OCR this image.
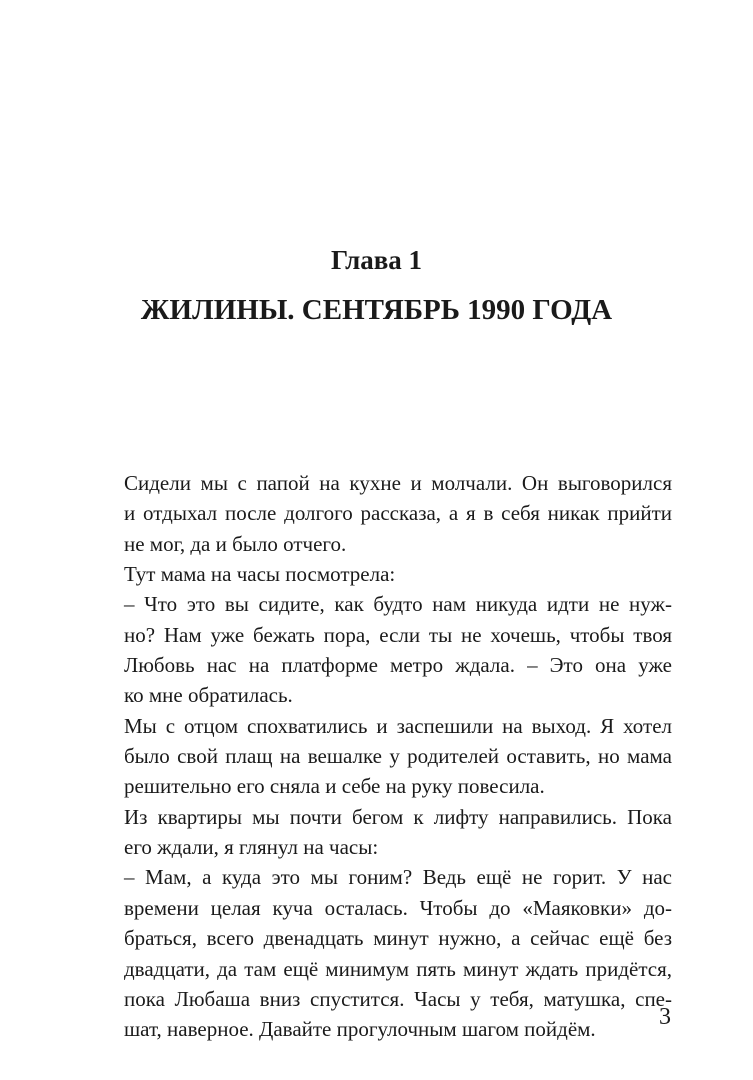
Глава 1
ЖИЛИНЫ. СЕНТЯБРЬ 1990 ГОДА
Сидели мы с папой на кухне и молчали. Он выговорился
и отдыхал после долгого рассказа, а я в себя никак прийти
не мог, да и было отчего.
Тут мама на часы посмотрела:
– Что это вы сидите, как будто нам никуда идти не нуж-
но? Нам уже бежать пора, если ты не хочешь, чтобы твоя
Любовь нас на платформе метро ждала. – Это она уже
ко мне обратилась.
Мы с отцом спохватились и заспешили на выход. Я хотел
было свой плащ на вешалке у родителей оставить, но мама
решительно его сняла и себе на руку повесила.
Из квартиры мы почти бегом к лифту направились. Пока
его ждали, я глянул на часы:
– Мам, а куда это мы гоним? Ведь ещё не горит. У нас
времени целая куча осталась. Чтобы до «Маяковки» до-
браться, всего двенадцать минут нужно, а сейчас ещё без
двадцати, да там ещё минимум пять минут ждать придётся,
пока Любаша вниз спустится. Часы у тебя, матушка, спе-
шат, наверное. Давайте прогулочным шагом пойдём.	3
